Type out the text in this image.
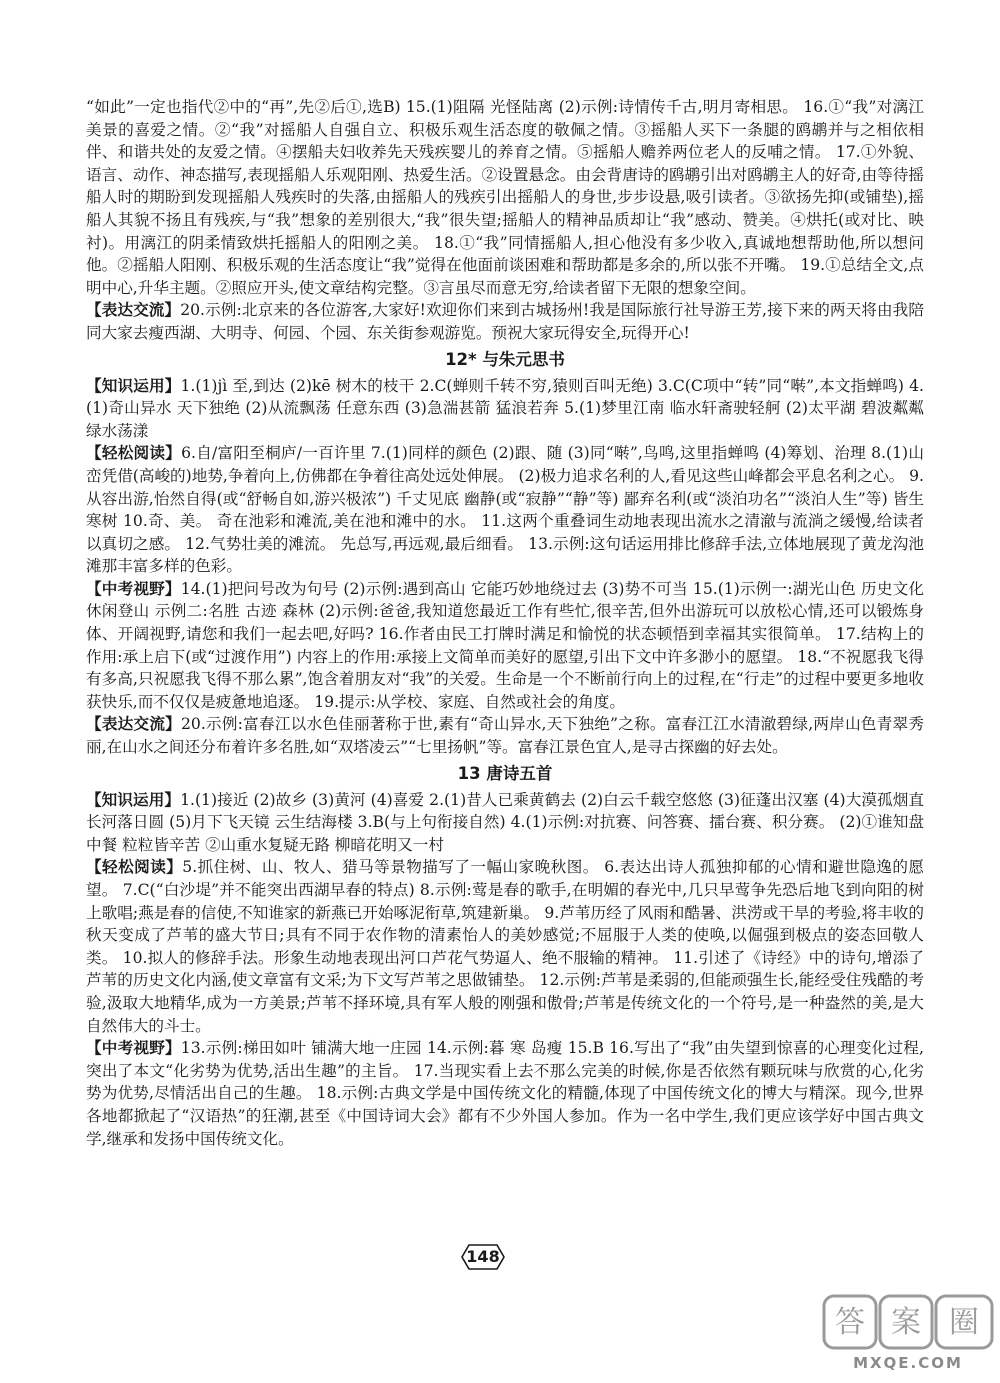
“如此”一定也指代②中的“再”,先②后①,选B) 15.(1)阻隔 光怪陆离 (2)示例:诗情传千古,明月寄相思。 16.①“我”对漓江美景的喜爱之情。②“我”对摇船人自强自立、积极乐观生活态度的敬佩之情。③摇船人买下一条腿的鸥鹕并与之相依相伴、和谐共处的友爱之情。④摆船夫妇收养先天残疾婴儿的养育之情。⑤摇船人赡养两位老人的反哺之情。 17.①外貌、语言、动作、神态描写,表现摇船人乐观阳刚、热爱生活。②设置悬念。由会背唐诗的鸥鹕引出对鸥鹕主人的好奇,由等待摇船人时的期盼到发现摇船人残疾时的失落,由摇船人的残疾引出摇船人的身世,步步设悬,吸引读者。③欲扬先抑(或铺垫),摇船人其貌不扬且有残疾,与“我”想象的差别很大,“我”很失望;摇船人的精神品质却让“我”感动、赞美。④烘托(或对比、映衬)。用漓江的阴柔情致烘托摇船人的阳刚之美。 18.①“我”同情摇船人,担心他没有多少收入,真诚地想帮助他,所以想问他。②摇船人阳刚、积极乐观的生活态度让“我”觉得在他面前谈困难和帮助都是多余的,所以张不开嘴。 19.①总结全文,点明中心,升华主题。②照应开头,使文章结构完整。③言虽尽而意无穷,给读者留下无限的想象空间。

【表达交流】20.示例:北京来的各位游客,大家好!欢迎你们来到古城扬州!我是国际旅行社导游王芳,接下来的两天将由我陪同大家去瘦西湖、大明寺、何园、个园、东关街参观游览。预祝大家玩得安全,玩得开心!

12* 与朱元思书

【知识运用】1.(1)jì 至,到达 (2)kē 树木的枝干 2.C(蝉则千转不穷,猿则百叫无绝) 3.C(C项中“转”同“啭”,本文指蝉鸣) 4.(1)奇山异水 天下独绝 (2)从流飘荡 任意东西 (3)急湍甚箭 猛浪若奔 5.(1)梦里江南 临水轩斋驶轻舸 (2)太平湖 碧波粼粼 绿水荡漾

【轻松阅读】6.自/富阳至桐庐/一百许里 7.(1)同样的颜色 (2)跟、随 (3)同“啭”,鸟鸣,这里指蝉鸣 (4)筹划、治理 8.(1)山峦凭借(高峻的)地势,争着向上,仿佛都在争着往高处远处伸展。 (2)极力追求名利的人,看见这些山峰都会平息名利之心。 9.从容出游,怡然自得(或“舒畅自如,游兴极浓”) 千丈见底 幽静(或“寂静”“静”等) 鄙弃名利(或“淡泊功名”“淡泊人生”等) 皆生寒树 10.奇、美。 奇在池彩和滩流,美在池和滩中的水。 11.这两个重叠词生动地表现出流水之清澈与流淌之缓慢,给读者以真切之感。 12.气势壮美的滩流。 先总写,再远观,最后细看。 13.示例:这句话运用排比修辞手法,立体地展现了黄龙沟池滩那丰富多样的色彩。

【中考视野】14.(1)把问号改为句号 (2)示例:遇到高山 它能巧妙地绕过去 (3)势不可当 15.(1)示例一:湖光山色 历史文化 休闲登山 示例二:名胜 古迹 森林 (2)示例:爸爸,我知道您最近工作有些忙,很辛苦,但外出游玩可以放松心情,还可以锻炼身体、开阔视野,请您和我们一起去吧,好吗? 16.作者由民工打牌时满足和愉悦的状态顿悟到幸福其实很简单。 17.结构上的作用:承上启下(或“过渡作用”) 内容上的作用:承接上文简单而美好的愿望,引出下文中许多渺小的愿望。 18.“不祝愿我飞得有多高,只祝愿我飞得不那么累”,饱含着朋友对“我”的关爱。生命是一个不断前行向上的过程,在“行走”的过程中要更多地收获快乐,而不仅仅是疲惫地追逐。 19.提示:从学校、家庭、自然或社会的角度。

【表达交流】20.示例:富春江以水色佳丽著称于世,素有“奇山异水,天下独绝”之称。富春江江水清澈碧绿,两岸山色青翠秀丽,在山水之间还分布着许多名胜,如“双塔凌云”“七里扬帆”等。富春江景色宜人,是寻古探幽的好去处。

13 唐诗五首

【知识运用】1.(1)接近 (2)故乡 (3)黄河 (4)喜爱 2.(1)昔人已乘黄鹤去 (2)白云千载空悠悠 (3)征蓬出汉塞 (4)大漠孤烟直 长河落日圆 (5)月下飞天镜 云生结海楼 3.B(与上句衔接自然) 4.(1)示例:对抗赛、问答赛、擂台赛、积分赛。 (2)①谁知盘中餐 粒粒皆辛苦 ②山重水复疑无路 柳暗花明又一村

【轻松阅读】5.抓住树、山、牧人、猎马等景物描写了一幅山家晚秋图。 6.表达出诗人孤独抑郁的心情和避世隐逸的愿望。 7.C(“白沙堤”并不能突出西湖早春的特点) 8.示例:莺是春的歌手,在明媚的春光中,几只早莺争先恐后地飞到向阳的树上歌唱;燕是春的信使,不知谁家的新燕已开始啄泥衔草,筑建新巢。 9.芦苇历经了风雨和酷暑、洪涝或干旱的考验,将丰收的秋天变成了芦苇的盛大节日;具有不同于农作物的清素怡人的美妙感觉;不屈服于人类的使唤,以倔强到极点的姿态回敬人类。 10.拟人的修辞手法。形象生动地表现出河口芦花气势逼人、绝不服输的精神。 11.引述了《诗经》中的诗句,增添了芦苇的历史文化内涵,使文章富有文采;为下文写芦苇之思做铺垫。 12.示例:芦苇是柔弱的,但能顽强生长,能经受住残酷的考验,汲取大地精华,成为一方美景;芦苇不择环境,具有军人般的刚强和傲骨;芦苇是传统文化的一个符号,是一种盎然的美,是大自然伟大的斗士。

【中考视野】13.示例:梯田如叶 铺满大地一庄园 14.示例:暮 寒 岛瘦 15.B 16.写出了“我”由失望到惊喜的心理变化过程,突出了本文“化劣势为优势,活出生趣”的主旨。 17.当现实看上去不那么完美的时候,你是否依然有颗玩味与欣赏的心,化劣势为优势,尽情活出自己的生趣。 18.示例:古典文学是中国传统文化的精髓,体现了中国传统文化的博大与精深。现今,世界各地都掀起了“汉语热”的狂潮,甚至《中国诗词大会》都有不少外国人参加。作为一名中学生,我们更应该学好中国古典文学,继承和发扬中国传统文化。

148
答 案 圈
MXQE.COM
